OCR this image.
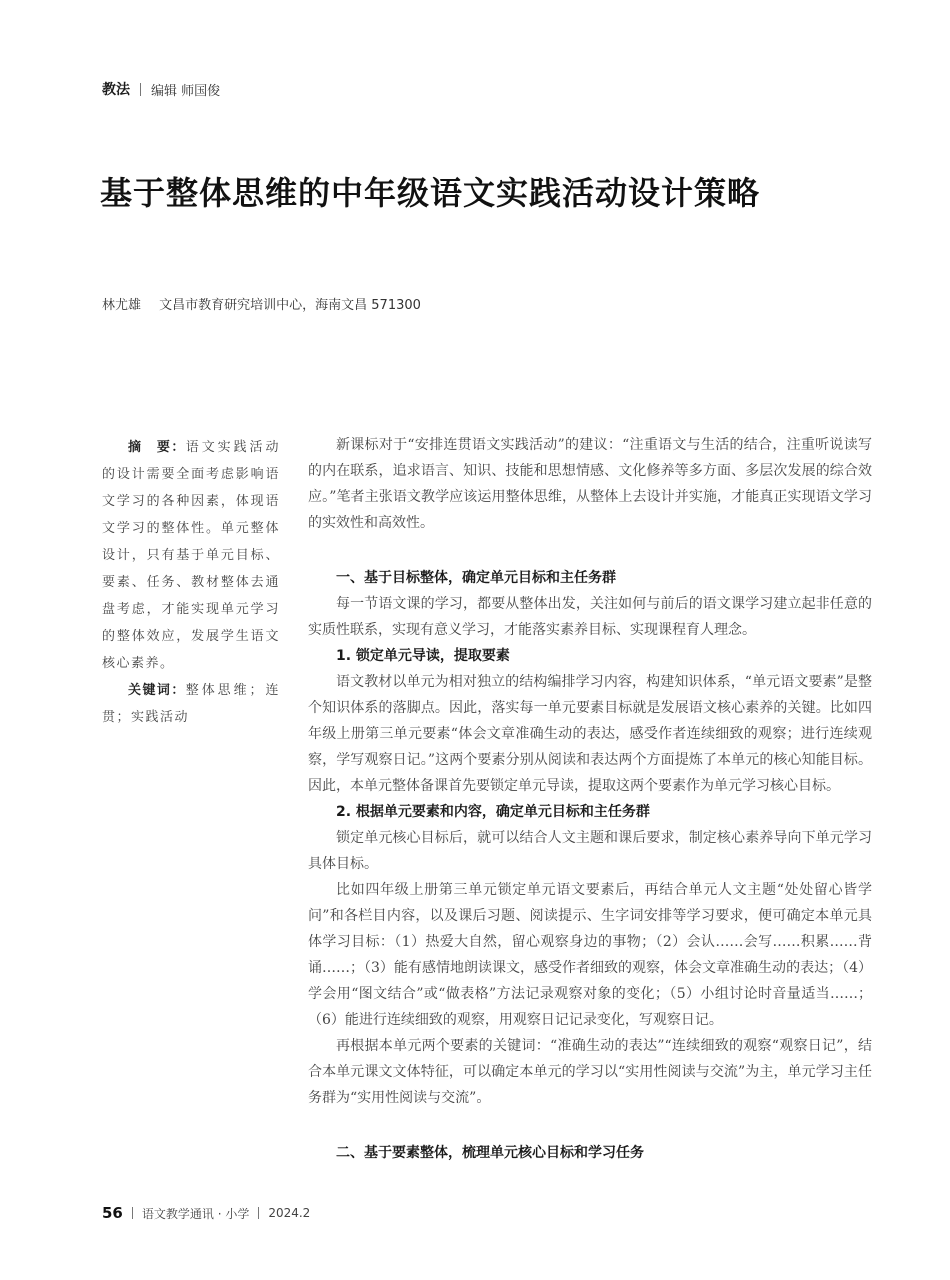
教法 编辑 师国俊
基于整体思维的中年级语文实践活动设计策略
林尤雄 文昌市教育研究培训中心，海南文昌 571300

摘　要：语文实践活动的设计需要全面考虑影响语文学习的各种因素，体现语文学习的整体性。单元整体设计，只有基于单元目标、要素、任务、教材整体去通盘考虑，才能实现单元学习的整体效应，发展学生语文核心素养。

关键词：整体思维；连贯；实践活动

新课标对于“安排连贯语文实践活动”的建议：“注重语文与生活的结合，注重听说读写的内在联系，追求语言、知识、技能和思想情感、文化修养等多方面、多层次发展的综合效应。”笔者主张语文教学应该运用整体思维，从整体上去设计并实施，才能真正实现语文学习的实效性和高效性。

一、基于目标整体，确定单元目标和主任务群

每一节语文课的学习，都要从整体出发，关注如何与前后的语文课学习建立起非任意的实质性联系，实现有意义学习，才能落实素养目标、实现课程育人理念。

1. 锁定单元导读，提取要素

语文教材以单元为相对独立的结构编排学习内容，构建知识体系，“单元语文要素”是整个知识体系的落脚点。因此，落实每一单元要素目标就是发展语文核心素养的关键。比如四年级上册第三单元要素“体会文章准确生动的表达，感受作者连续细致的观察；进行连续观察，学写观察日记。”这两个要素分别从阅读和表达两个方面提炼了本单元的核心知能目标。因此，本单元整体备课首先要锁定单元导读，提取这两个要素作为单元学习核心目标。

2. 根据单元要素和内容，确定单元目标和主任务群

锁定单元核心目标后，就可以结合人文主题和课后要求，制定核心素养导向下单元学习具体目标。

比如四年级上册第三单元锁定单元语文要素后，再结合单元人文主题“处处留心皆学问”和各栏目内容，以及课后习题、阅读提示、生字词安排等学习要求，便可确定本单元具体学习目标：（1）热爱大自然，留心观察身边的事物；（2）会认……会写……积累……背诵……；（3）能有感情地朗读课文，感受作者细致的观察，体会文章准确生动的表达；（4）学会用“图文结合”或“做表格”方法记录观察对象的变化；（5）小组讨论时音量适当……；（6）能进行连续细致的观察，用观察日记记录变化，写观察日记。

再根据本单元两个要素的关键词：“准确生动的表达”“连续细致的观察“观察日记”，结合本单元课文文体特征，可以确定本单元的学习以“实用性阅读与交流”为主，单元学习主任务群为“实用性阅读与交流”。

二、基于要素整体，梳理单元核心目标和学习任务
56 语文教学通讯 · 小学 2024.2
